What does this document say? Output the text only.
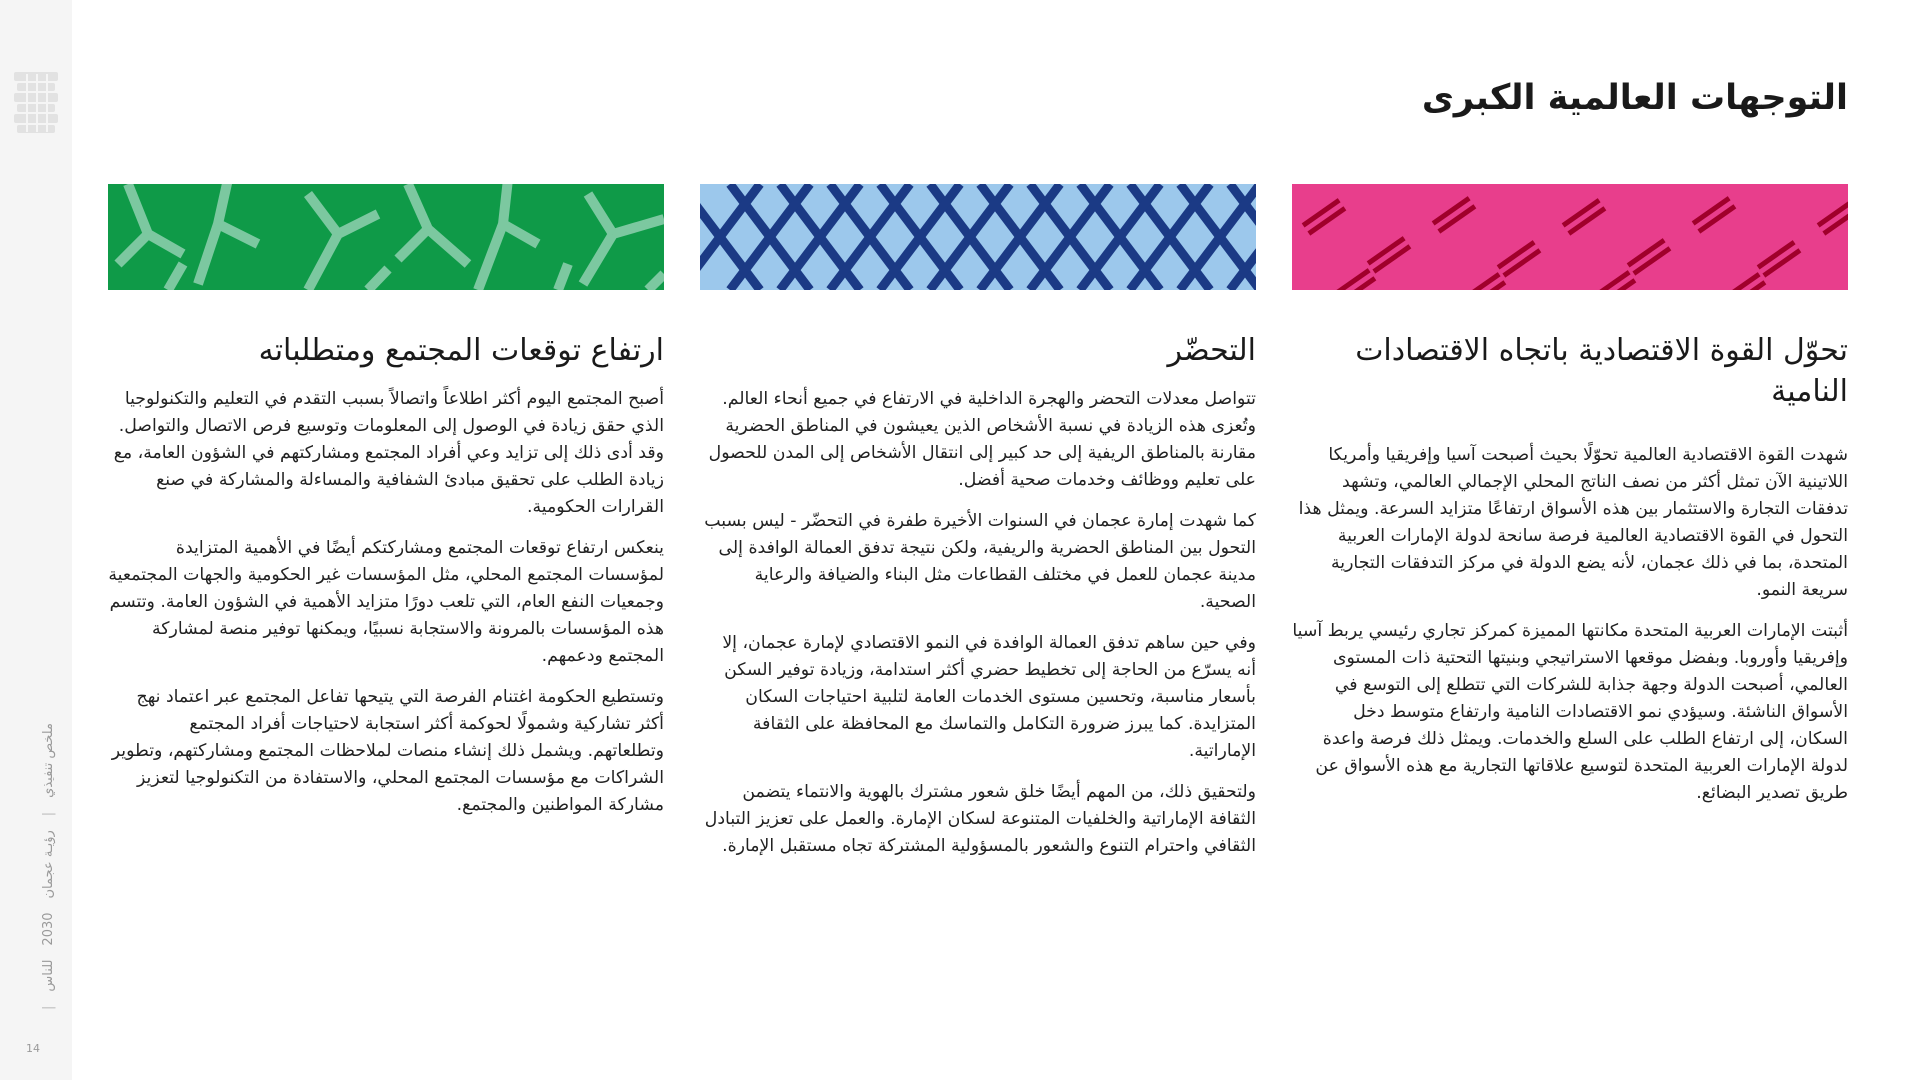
ملخص تنفيذي
|
رؤيـة عجمان
2030
للناس
|
14
التوجهات العالمية الكبرى
تحوّل القوة الاقتصادية باتجاه الاقتصادات النامية

شهدت القوة الاقتصادية العالمية تحوّلًا بحيث أصبحت آسيا وإفريقيا وأمريكا اللاتينية الآن تمثل أكثر من نصف الناتج المحلي الإجمالي العالمي، وتشهد تدفقات التجارة والاستثمار بين هذه الأسواق ارتفاعًا متزايد السرعة. ويمثل هذا التحول في القوة الاقتصادية العالمية فرصة سانحة لدولة الإمارات العربية المتحدة، بما في ذلك عجمان، لأنه يضع الدولة في مركز التدفقات التجارية سريعة النمو.

أثبتت الإمارات العربية المتحدة مكانتها المميزة كمركز تجاري رئيسي يربط آسيا وإفريقيا وأوروبا. وبفضل موقعها الاستراتيجي وبنيتها التحتية ذات المستوى العالمي، أصبحت الدولة وجهة جذابة للشركات التي تتطلع إلى التوسع في الأسواق الناشئة. وسيؤدي نمو الاقتصادات النامية وارتفاع متوسط دخل السكان، إلى ارتفاع الطلب على السلع والخدمات. ويمثل ذلك فرصة واعدة لدولة الإمارات العربية المتحدة لتوسيع علاقاتها التجارية مع هذه الأسواق عن طريق تصدير البضائع.

التحضّر

تتواصل معدلات التحضر والهجرة الداخلية في الارتفاع في جميع أنحاء العالم. وتُعزى هذه الزيادة في نسبة الأشخاص الذين يعيشون في المناطق الحضرية مقارنة بالمناطق الريفية إلى حد كبير إلى انتقال الأشخاص إلى المدن للحصول على تعليم ووظائف وخدمات صحية أفضل.

كما شهدت إمارة عجمان في السنوات الأخيرة طفرة في التحضّر - ليس بسبب التحول بين المناطق الحضرية والريفية، ولكن نتيجة تدفق العمالة الوافدة إلى مدينة عجمان للعمل في مختلف القطاعات مثل البناء والضيافة والرعاية الصحية.

وفي حين ساهم تدفق العمالة الوافدة في النمو الاقتصادي لإمارة عجمان، إلا أنه يسرّع من الحاجة إلى تخطيط حضري أكثر استدامة، وزيادة توفير السكن بأسعار مناسبة، وتحسين مستوى الخدمات العامة لتلبية احتياجات السكان المتزايدة. كما يبرز ضرورة التكامل والتماسك مع المحافظة على الثقافة الإماراتية.

ولتحقيق ذلك، من المهم أيضًا خلق شعور مشترك بالهوية والانتماء يتضمن الثقافة الإماراتية والخلفيات المتنوعة لسكان الإمارة. والعمل على تعزيز التبادل الثقافي واحترام التنوع والشعور بالمسؤولية المشتركة تجاه مستقبل الإمارة.

ارتفاع توقعات المجتمع ومتطلباته

أصبح المجتمع اليوم أكثر اطلاعاً واتصالاً بسبب التقدم في التعليم والتكنولوجيا الذي حقق زيادة في الوصول إلى المعلومات وتوسيع فرص الاتصال والتواصل. وقد أدى ذلك إلى تزايد وعي أفراد المجتمع ومشاركتهم في الشؤون العامة، مع زيادة الطلب على تحقيق مبادئ الشفافية والمساءلة والمشاركة في صنع القرارات الحكومية.

ينعكس ارتفاع توقعات المجتمع ومشاركتكم أيضًا في الأهمية المتزايدة لمؤسسات المجتمع المحلي، مثل المؤسسات غير الحكومية والجهات المجتمعية وجمعيات النفع العام، التي تلعب دورًا متزايد الأهمية في الشؤون العامة. وتتسم هذه المؤسسات بالمرونة والاستجابة نسبيًا، ويمكنها توفير منصة لمشاركة المجتمع ودعمهم.

وتستطيع الحكومة اغتنام الفرصة التي يتيحها تفاعل المجتمع عبر اعتماد نهج أكثر تشاركية وشمولًا لحوكمة أكثر استجابة لاحتياجات أفراد المجتمع وتطلعاتهم. ويشمل ذلك إنشاء منصات لملاحظات المجتمع ومشاركتهم، وتطوير الشراكات مع مؤسسات المجتمع المحلي، والاستفادة من التكنولوجيا لتعزيز مشاركة المواطنين والمجتمع.
